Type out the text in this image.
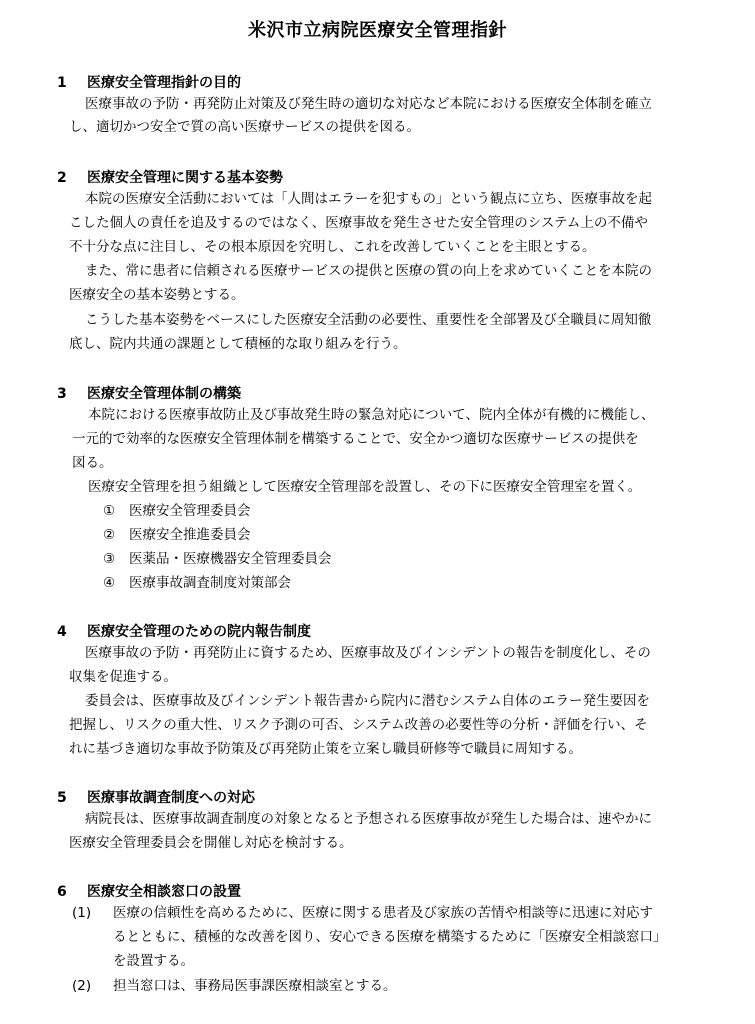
米沢市立病院医療安全管理指針
1 医療安全管理指針の目的
医療事故の予防・再発防止対策及び発生時の適切な対応など本院における医療安全体制を確立
し、適切かつ安全で質の高い医療サービスの提供を図る。
2 医療安全管理に関する基本姿勢
本院の医療安全活動においては「人間はエラーを犯すもの」という観点に立ち、医療事故を起
こした個人の責任を追及するのではなく、医療事故を発生させた安全管理のシステム上の不備や
不十分な点に注目し、その根本原因を究明し、これを改善していくことを主眼とする。
また、常に患者に信頼される医療サービスの提供と医療の質の向上を求めていくことを本院の
医療安全の基本姿勢とする。
こうした基本姿勢をベースにした医療安全活動の必要性、重要性を全部署及び全職員に周知徹
底し、院内共通の課題として積極的な取り組みを行う。
3 医療安全管理体制の構築
本院における医療事故防止及び事故発生時の緊急対応について、院内全体が有機的に機能し、
一元的で効率的な医療安全管理体制を構築することで、安全かつ適切な医療サービスの提供を
図る。
医療安全管理を担う組織として医療安全管理部を設置し、その下に医療安全管理室を置く。
① 医療安全管理委員会
② 医療安全推進委員会
③ 医薬品・医療機器安全管理委員会
④ 医療事故調査制度対策部会
4 医療安全管理のための院内報告制度
医療事故の予防・再発防止に資するため、医療事故及びインシデントの報告を制度化し、その
収集を促進する。
委員会は、医療事故及びインシデント報告書から院内に潜むシステム自体のエラー発生要因を
把握し、リスクの重大性、リスク予測の可否、システム改善の必要性等の分析・評価を行い、そ
れに基づき適切な事故予防策及び再発防止策を立案し職員研修等で職員に周知する。
5 医療事故調査制度への対応
病院長は、医療事故調査制度の対象となると予想される医療事故が発生した場合は、速やかに
医療安全管理委員会を開催し対応を検討する。
6 医療安全相談窓口の設置
(1) 医療の信頼性を高めるために、医療に関する患者及び家族の苦情や相談等に迅速に対応す
るとともに、積極的な改善を図り、安心できる医療を構築するために「医療安全相談窓口」
を設置する。
(2) 担当窓口は、事務局医事課医療相談室とする。
